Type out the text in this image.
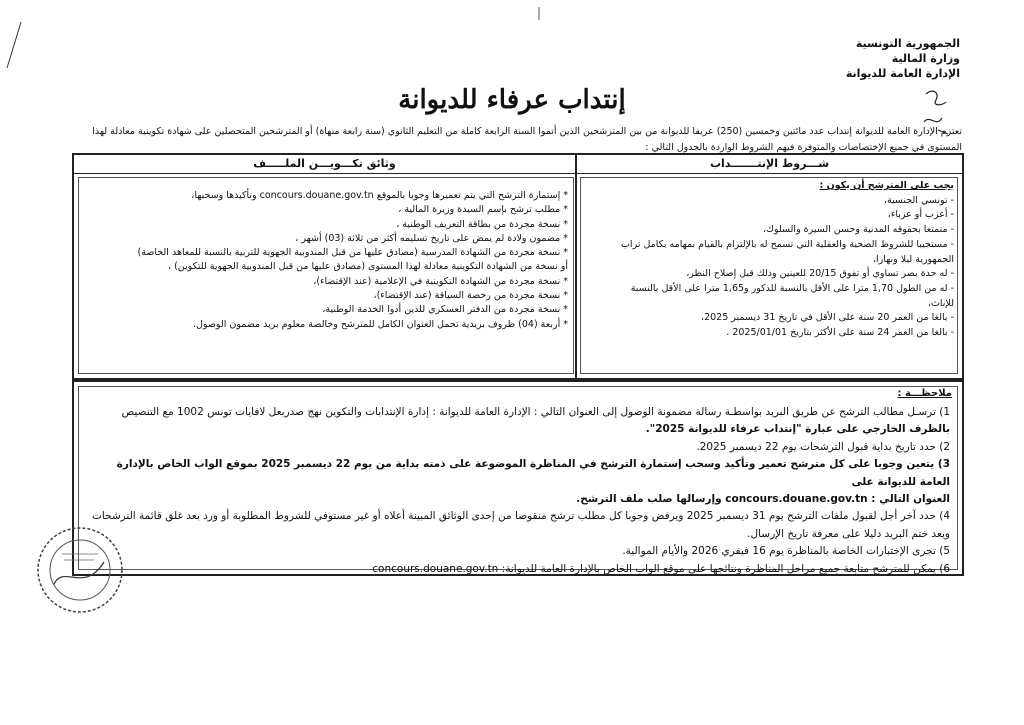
الجمهورية التونسية
وزارة المالية
الإدارة العامة للديوانة
إنتداب عرفاء للديوانة
تعتزم الإدارة العامة للديوانة إنتداب عدد مائتين وخمسين (250) عريفا للديوانة من بين المترشحين الذين أتموا السنة الرابعة كاملة من التعليم الثانوي (سنة رابعة منهاة) أو المترشحين المتحصلين على شهادة تكوينية معادلة لهذا المستوى في جميع الإختصاصات والمتوفرة فيهم الشروط الواردة بالجدول التالي :
شـــروط الإنتـــــــداب
وثائق تكـــويـــن الملـــــف
يجب على المترشح أن يكون :
- تونسي الجنسية،
- أعزب أو عزباء،
- متمتعا بحقوقه المدنية وحسن السيرة والسلوك،
- مستجيبا للشروط الصحية والعقلية التي تسمح له بالإلتزام بالقيام بمهامه بكامل تراب
الجمهورية ليلا ونهارا،
- له حدة بصر تساوي أو تفوق 20/15 للعينين وذلك قبل إصلاح النظر،
- له من الطول 1,70 مترا على الأقل بالنسبة للذكور و1,65 مترا على الأقل بالنسبة
للإناث،
- بالغا من العمر 20 سنة على الأقل في تاريخ 31 ديسمبر 2025،
- بالغا من العمر 24 سنة على الأكثر بتاريخ 2025/01/01 .
* إستمارة الترشح التي يتم تعميرها وجوبا بالموقع concours.douane.gov.tn وتأكيدها وسحبها،
* مطلب ترشح بإسم السيدة وزيرة المالية ،
* نسخة مجردة من بطاقة التعريف الوطنية ،
* مضمون ولادة لم يمض على تاريخ تسليمه أكثر من ثلاثة (03) أشهر ،
* نسخة مجردة من الشهادة المدرسية (مصادق عليها من قبل المندوبية الجهوية للتربية بالنسبة للمعاهد الخاصة)
أو نسخة من الشهادة التكوينية معادلة لهذا المستوى (مصادق عليها من قبل المندوبية الجهوية للتكوين) ،
* نسخة مجردة من الشهادة التكوينية في الإعلامية (عند الإقتضاء)،
* نسخة مجردة من رخصة السياقة (عند الإقتضاء)،
* نسخة مجردة من الدفتر العسكري للذين أدوا الخدمة الوطنية،
* أربعة (04) ظروف بريدية تحمل العنوان الكامل للمترشح وخالصة معلوم بريد مضمون الوصول.
ملاحظـــة :
1) ترسـل مطالب الترشح عن طريق البريد بواسطـة رسالة مضمونة الوصول إلى العنوان التالي : الإدارة العامة للديوانة : إدارة الإنتدابات والتكوين نهج صدربعل لافايات تونس 1002 مع التنصيص
بالظرف الخارجي على عبارة "إنتداب عرفاء للديوانة 2025".
2) حدد تاريخ بداية قبول الترشحات يوم 22 ديسمبر 2025.
3) يتعين وجوبا على كل مترشح تعمير وتأكيد وسحب إستمارة الترشح في المناظرة الموضوعة على ذمته بداية من يوم 22 ديسمبر 2025 بموقع الواب الخاص بالإدارة العامة للديوانة على
العنوان التالي : concours.douane.gov.tn وإرسالها صلب ملف الترشح.
4) حدد آخر أجل لقبول ملفات الترشح يوم 31 ديسمبر 2025 ويرفض وجوبا كل مطلب ترشح منقوصا من إحدى الوثائق المبينة أعلاه أو غير مستوفي للشروط المطلوبة أو ورد بعد غلق قائمة الترشحات
ويعد ختم البريد دليلا على معرفة تاريخ الإرسال.
5) تجرى الإختبارات الخاصة بالمناظرة يوم 16 فيفري 2026 والأيام الموالية.
6) يمكن للمترشح متابعة جميع مراحل المناظرة ونتائجها على موقع الواب الخاص بالإدارة العامة للديوانة: concours.douane.gov.tn
